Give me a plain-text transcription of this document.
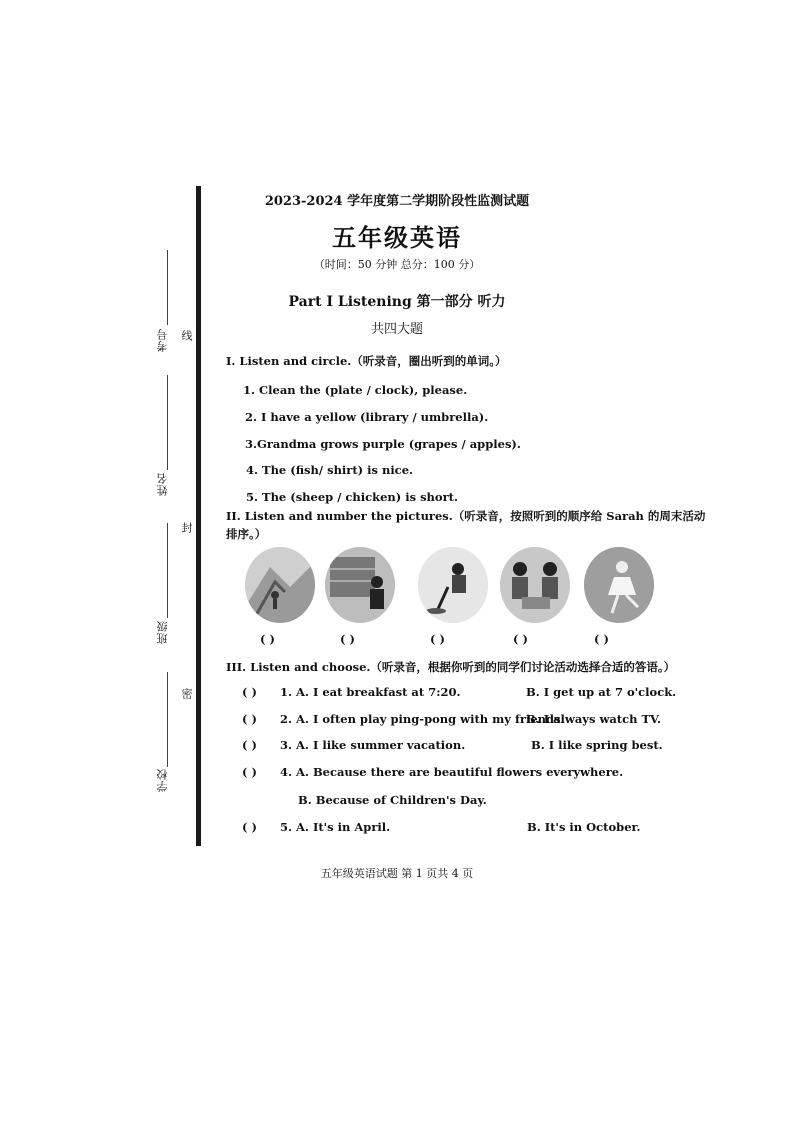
考号 线
姓名
封
班级
密
学校
2023-2024 学年度第二学期阶段性监测试题
五年级英语
（时间：50 分钟 总分：100 分）
Part I Listening 第一部分 听力
共四大题
I. Listen and circle.（听录音，圈出听到的单词。）
1. Clean the (plate / clock), please.
2. I have a yellow (library / umbrella).
3.Grandma grows purple (grapes / apples).
4. The (fish/ shirt) is nice.
5. The (sheep / chicken) is short.
II. Listen and number the pictures.（听录音，按照听到的顺序给 Sarah 的周末活动
排序。）
( )	( )	( )	( )	( )
III. Listen and choose.（听录音，根据你听到的同学们讨论活动选择合适的答语。）
( ) 1. A. I eat breakfast at 7:20.	B. I get up at 7 o'clock.
( ) 2. A. I often play ping-pong with my friends.
B. I always watch TV.
( ) 3. A. I like summer vacation.	B. I like spring best.
( ) 4. A. Because there are beautiful flowers everywhere.
B. Because of Children's Day.
( ) 5. A. It's in April.	B. It's in October.
五年级英语试题 第 1 页共 4 页
